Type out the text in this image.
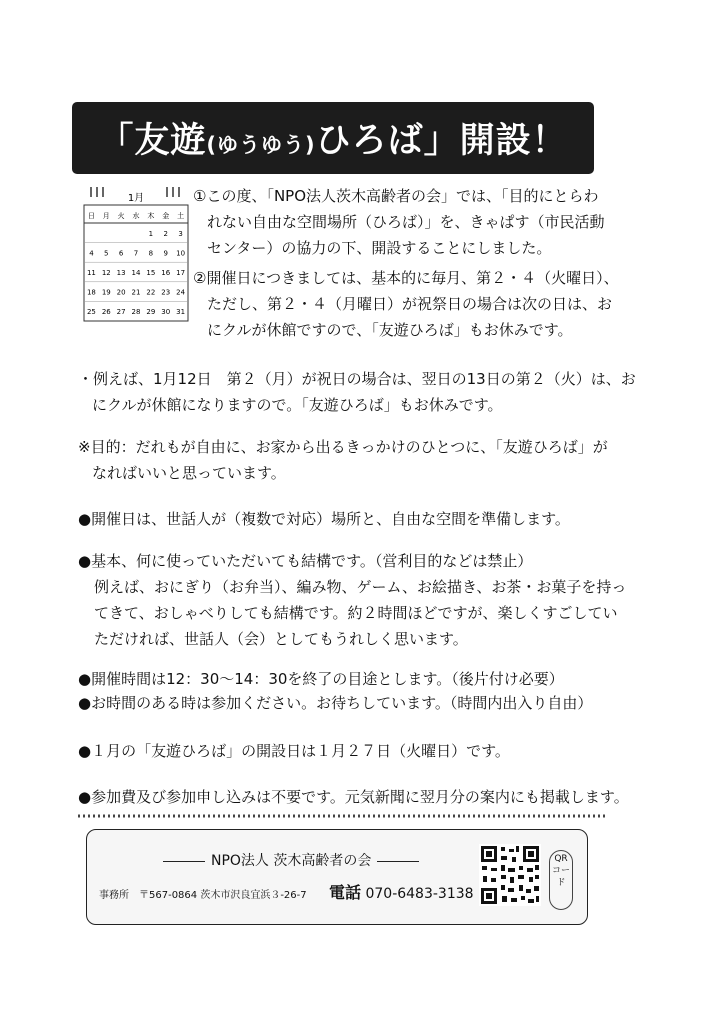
「友遊(ゆうゆう)ひろば」開設！
1月
日 月 火 水 木 金 土
1 2 3
4 5 6 7 8 9 10
11 12 13 14 15 16 17
18 19 20 21 22 23 24
25 26 27 28 29 30 31
①この度、「NPO法人茨木高齢者の会」では、「目的にとらわ
れない自由な空間場所（ひろば）」を、きゃぱす（市民活動
センター）の協力の下、開設することにしました。
②開催日につきましては、基本的に毎月、第２・４（火曜日）、
ただし、第２・４（月曜日）が祝祭日の場合は次の日は、お
にクルが休館ですので、「友遊ひろば」もお休みです。
・例えば、1月12日　第２（月）が祝日の場合は、翌日の13日の第２（火）は、お
にクルが休館になりますので。「友遊ひろば」もお休みです。
※目的：だれもが自由に、お家から出るきっかけのひとつに、「友遊ひろば」が
なればいいと思っています。
●開催日は、世話人が（複数で対応）場所と、自由な空間を準備します。
●基本、何に使っていただいても結構です。（営利目的などは禁止）
例えば、おにぎり（お弁当）、編み物、ゲーム、お絵描き、お茶・お菓子を持っ
てきて、おしゃべりしても結構です。約２時間ほどですが、楽しくすごしてい
ただければ、世話人（会）としてもうれしく思います。
●開催時間は12：30～14：30を終了の目途とします。（後片付け必要）
●お時間のある時は参加ください。お待ちしています。（時間内出入り自由）
●１月の「友遊ひろば」の開設日は１月２７日（火曜日）です。
●参加費及び参加申し込みは不要です。元気新聞に翌月分の案内にも掲載します。
NPO法人 茨木高齢者の会
事務所　〒567-0864 茨木市沢良宜浜３-26-7 電話 070-6483-3138
QRコード
